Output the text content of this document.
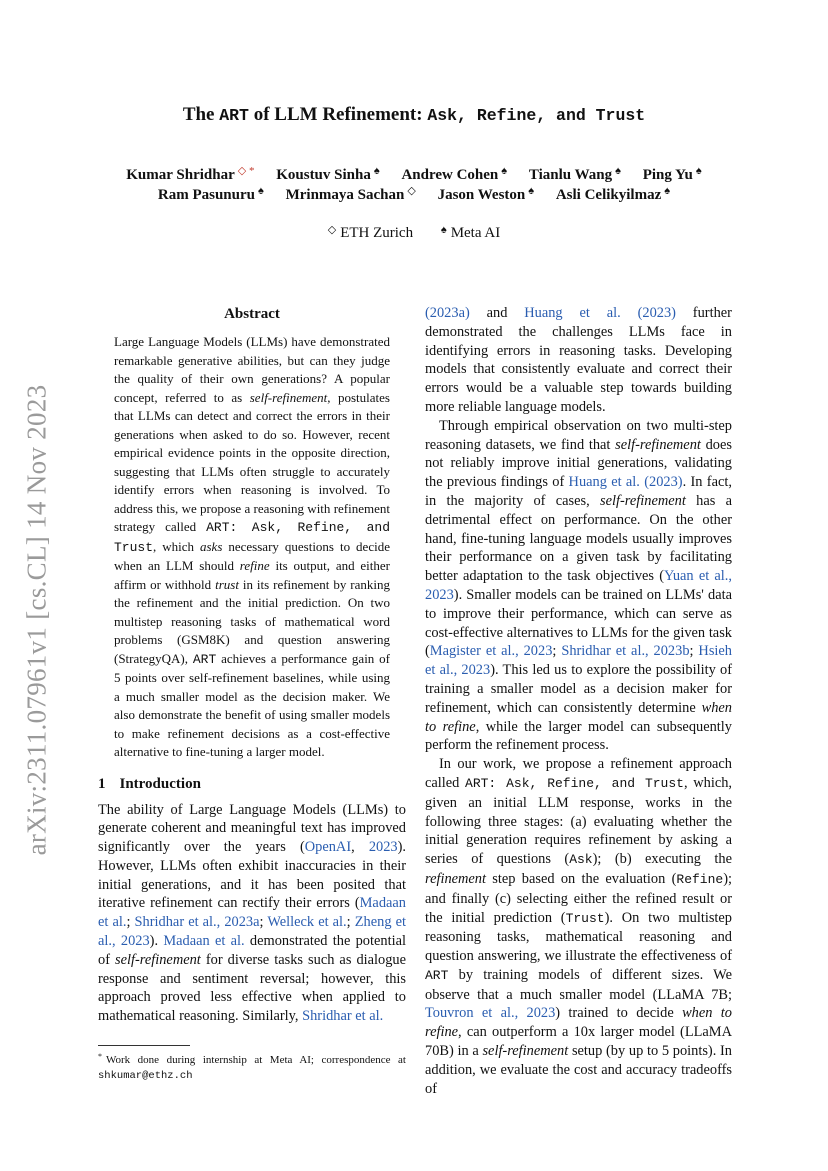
arXiv:2311.07961v1 [cs.CL] 14 Nov 2023
The ART of LLM Refinement: Ask, Refine, and Trust
Kumar Shridhar ◇ * Koustuv Sinha ♠ Andrew Cohen ♠ Tianlu Wang ♠ Ping Yu ♠
Ram Pasunuru ♠ Mrinmaya Sachan ◇ Jason Weston ♠ Asli Celikyilmaz ♠
◇ ETH Zurich	♠ Meta AI
Abstract

Large Language Models (LLMs) have demonstrated remarkable generative abilities, but can they judge the quality of their own generations? A popular concept, referred to as self-refinement, postulates that LLMs can detect and correct the errors in their generations when asked to do so. However, recent empirical evidence points in the opposite direction, suggesting that LLMs often struggle to accurately identify errors when reasoning is involved. To address this, we propose a reasoning with refinement strategy called ART: Ask, Refine, and Trust, which asks necessary questions to decide when an LLM should refine its output, and either affirm or withhold trust in its refinement by ranking the refinement and the initial prediction. On two multistep reasoning tasks of mathematical word problems (GSM8K) and question answering (StrategyQA), ART achieves a performance gain of 5 points over self-refinement baselines, while using a much smaller model as the decision maker. We also demonstrate the benefit of using smaller models to make refinement decisions as a cost-effective alternative to fine-tuning a larger model.

1 Introduction

The ability of Large Language Models (LLMs) to generate coherent and meaningful text has improved significantly over the years (OpenAI, 2023). However, LLMs often exhibit inaccuracies in their initial generations, and it has been posited that iterative refinement can rectify their errors (Madaan et al.; Shridhar et al., 2023a; Welleck et al.; Zheng et al., 2023). Madaan et al. demonstrated the potential of self-refinement for diverse tasks such as dialogue response and sentiment reversal; however, this approach proved less effective when applied to mathematical reasoning. Similarly, Shridhar et al.

(2023a) and Huang et al. (2023) further demonstrated the challenges LLMs face in identifying errors in reasoning tasks. Developing models that consistently evaluate and correct their errors would be a valuable step towards building more reliable language models.

Through empirical observation on two multi-step reasoning datasets, we find that self-refinement does not reliably improve initial generations, validating the previous findings of Huang et al. (2023). In fact, in the majority of cases, self-refinement has a detrimental effect on performance. On the other hand, fine-tuning language models usually improves their performance on a given task by facilitating better adaptation to the task objectives (Yuan et al., 2023). Smaller models can be trained on LLMs' data to improve their performance, which can serve as cost-effective alternatives to LLMs for the given task (Magister et al., 2023; Shridhar et al., 2023b; Hsieh et al., 2023). This led us to explore the possibility of training a smaller model as a decision maker for refinement, which can consistently determine when to refine, while the larger model can subsequently perform the refinement process.

In our work, we propose a refinement approach called ART: Ask, Refine, and Trust, which, given an initial LLM response, works in the following three stages: (a) evaluating whether the initial generation requires refinement by asking a series of questions (Ask); (b) executing the refinement step based on the evaluation (Refine); and finally (c) selecting either the refined result or the initial prediction (Trust). On two multistep reasoning tasks, mathematical reasoning and question answering, we illustrate the effectiveness of ART by training models of different sizes. We observe that a much smaller model (LLaMA 7B; Touvron et al., 2023) trained to decide when to refine, can outperform a 10x larger model (LLaMA 70B) in a self-refinement setup (by up to 5 points). In addition, we evaluate the cost and accuracy tradeoffs of

* Work done during internship at Meta AI; correspondence at shkumar@ethz.ch
